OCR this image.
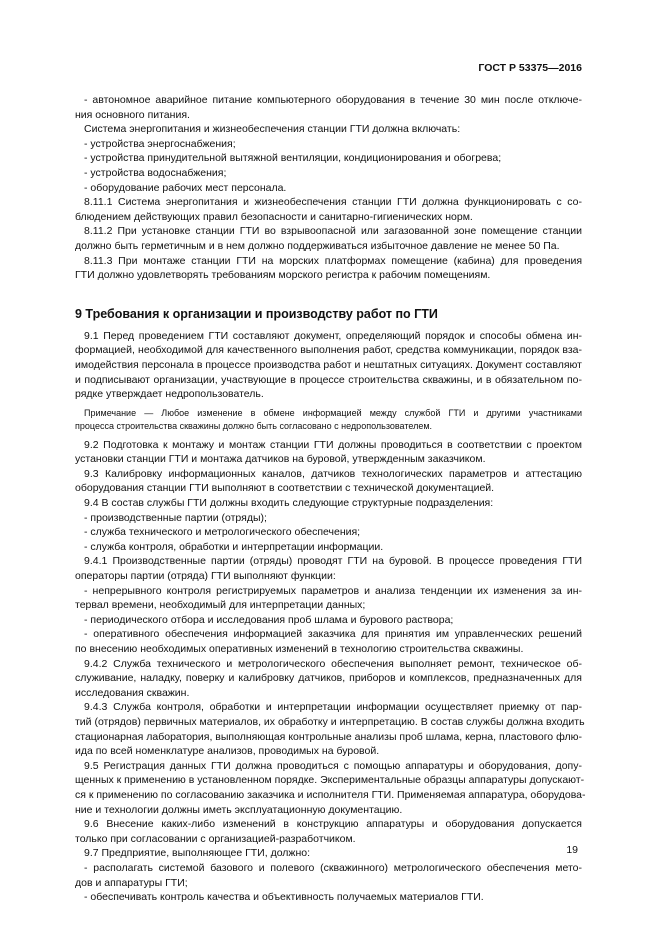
ГОСТ Р 53375—2016
- автономное аварийное питание компьютерного оборудования в течение 30 мин после отключе-
ния основного питания.
Система энергопитания и жизнеобеспечения станции ГТИ должна включать:
- устройства энергоснабжения;
- устройства принудительной вытяжной вентиляции, кондиционирования и обогрева;
- устройства водоснабжения;
- оборудование рабочих мест персонала.
8.11.1 Система энергопитания и жизнеобеспечения станции ГТИ должна функционировать с со-
блюдением действующих правил безопасности и санитарно-гигиенических норм.
8.11.2 При установке станции ГТИ во взрывоопасной или загазованной зоне помещение станции
должно быть герметичным и в нем должно поддерживаться избыточное давление не менее 50 Па.
8.11.3 При монтаже станции ГТИ на морских платформах помещение (кабина) для проведения
ГТИ должно удовлетворять требованиям морского регистра к рабочим помещениям.
9 Требования к организации и производству работ по ГТИ
9.1 Перед проведением ГТИ составляют документ, определяющий порядок и способы обмена ин-
формацией, необходимой для качественного выполнения работ, средства коммуникации, порядок вза-
имодействия персонала в процессе производства работ и нештатных ситуациях. Документ составляют
и подписывают организации, участвующие в процессе строительства скважины, и в обязательном по-
рядке утверждает недропользователь.
Примечание — Любое изменение в обмене информацией между службой ГТИ и другими участниками
процесса строительства скважины должно быть согласовано с недропользователем.
9.2 Подготовка к монтажу и монтаж станции ГТИ должны проводиться в соответствии с проектом
установки станции ГТИ и монтажа датчиков на буровой, утвержденным заказчиком.
9.3 Калибровку информационных каналов, датчиков технологических параметров и аттестацию
оборудования станции ГТИ выполняют в соответствии с технической документацией.
9.4 В состав службы ГТИ должны входить следующие структурные подразделения:
- производственные партии (отряды);
- служба технического и метрологического обеспечения;
- служба контроля, обработки и интерпретации информации.
9.4.1 Производственные партии (отряды) проводят ГТИ на буровой. В процессе проведения ГТИ
операторы партии (отряда) ГТИ выполняют функции:
- непрерывного контроля регистрируемых параметров и анализа тенденции их изменения за ин-
тервал времени, необходимый для интерпретации данных;
- периодического отбора и исследования проб шлама и бурового раствора;
- оперативного обеспечения информацией заказчика для принятия им управленческих решений
по внесению необходимых оперативных изменений в технологию строительства скважины.
9.4.2 Служба технического и метрологического обеспечения выполняет ремонт, техническое об-
служивание, наладку, поверку и калибровку датчиков, приборов и комплексов, предназначенных для
исследования скважин.
9.4.3 Служба контроля, обработки и интерпретации информации осуществляет приемку от пар-
тий (отрядов) первичных материалов, их обработку и интерпретацию. В состав службы должна входить
стационарная лаборатория, выполняющая контрольные анализы проб шлама, керна, пластового флю-
ида по всей номенклатуре анализов, проводимых на буровой.
9.5 Регистрация данных ГТИ должна проводиться с помощью аппаратуры и оборудования, допу-
щенных к применению в установленном порядке. Экспериментальные образцы аппаратуры допускают-
ся к применению по согласованию заказчика и исполнителя ГТИ. Применяемая аппаратура, оборудова-
ние и технологии должны иметь эксплуатационную документацию.
9.6 Внесение каких-либо изменений в конструкцию аппаратуры и оборудования допускается
только при согласовании с организацией-разработчиком.
9.7 Предприятие, выполняющее ГТИ, должно:
- располагать системой базового и полевого (скважинного) метрологического обеспечения мето-
дов и аппаратуры ГТИ;
- обеспечивать контроль качества и объективность получаемых материалов ГТИ.
19
